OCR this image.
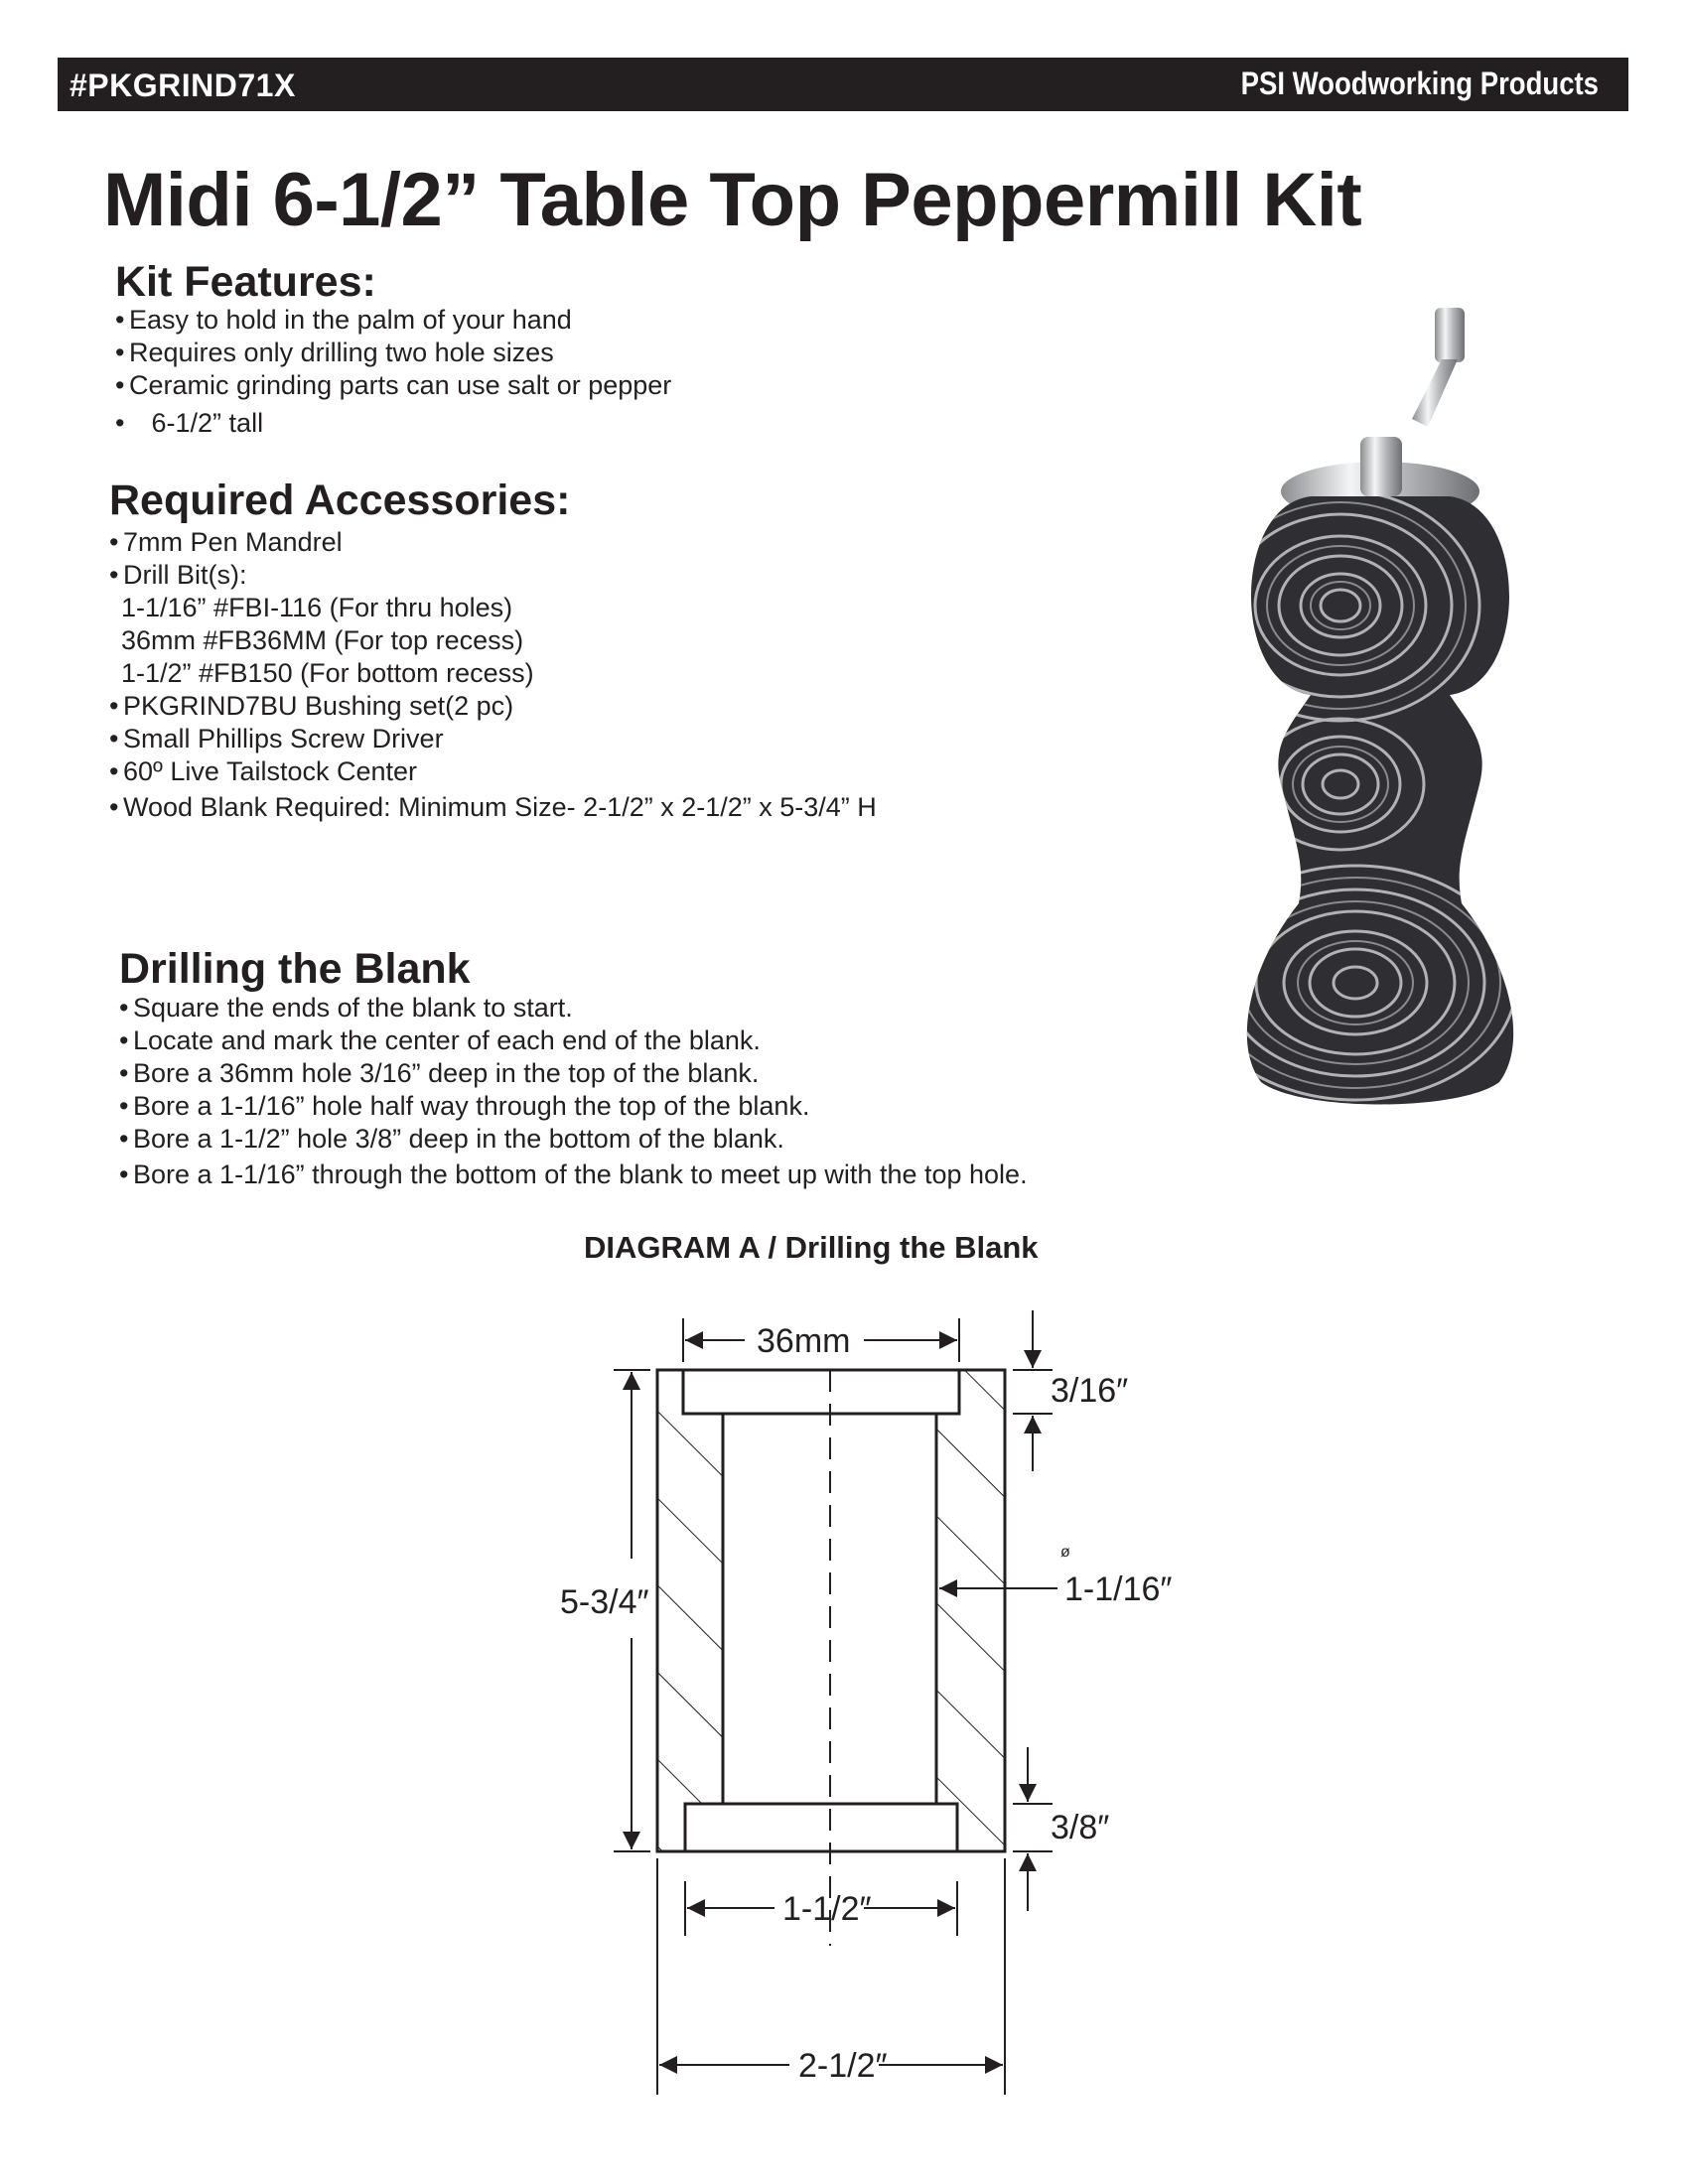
#PKGRIND71X	PSI Woodworking Products
Midi 6-1/2” Table Top Peppermill Kit
Kit Features:
• Easy to hold in the palm of your hand
• Requires only drilling two hole sizes
• Ceramic grinding parts can use salt or pepper
• 6-1/2” tall
Required Accessories:
• 7mm Pen Mandrel
• Drill Bit(s):
1-1/16” #FBI-116 (For thru holes)
36mm #FB36MM (For top recess)
1-1/2” #FB150 (For bottom recess)
• PKGRIND7BU Bushing set(2 pc)
• Small Phillips Screw Driver
• 60º Live Tailstock Center
• Wood Blank Required: Minimum Size- 2-1/2” x 2-1/2” x 5-3/4” H
Drilling the Blank
• Square the ends of the blank to start.
• Locate and mark the center of each end of the blank.
• Bore a 36mm hole 3/16” deep in the top of the blank.
• Bore a 1-1/16” hole half way through the top of the blank.
• Bore a 1-1/2” hole 3/8” deep in the bottom of the blank.
• Bore a 1-1/16” through the bottom of the blank to meet up with the top hole.
DIAGRAM A / Drilling the Blank
36mm
3/16″
5-3/4″
ø
1-1/16″
3/8″
1-1/2″
2-1/2″
